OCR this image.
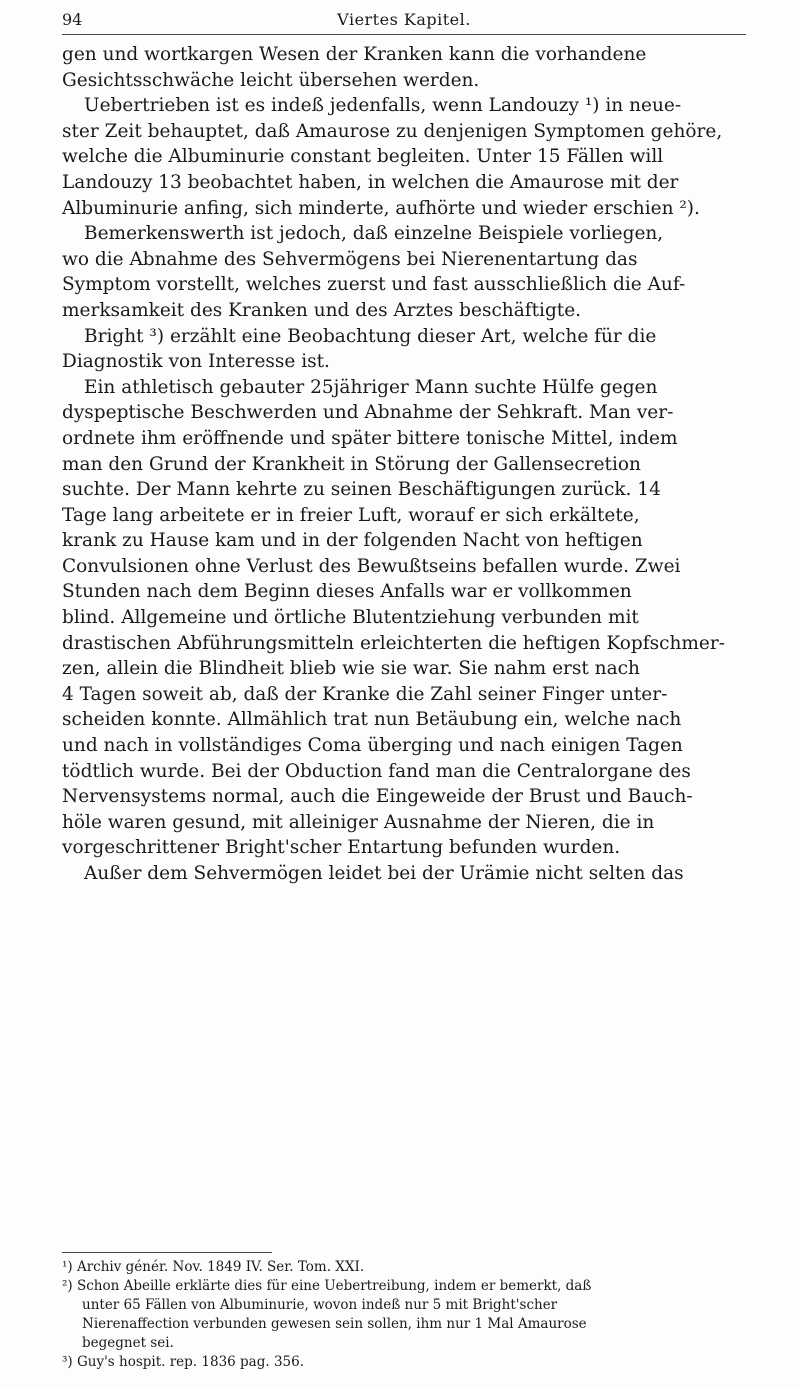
94	Viertes Kapitel.
gen und wortkargen Wesen der Kranken kann die vorhandene
Gesichtsschwäche leicht übersehen werden.
Uebertrieben ist es indeß jedenfalls, wenn Landouzy ¹) in neue-
ster Zeit behauptet, daß Amaurose zu denjenigen Symptomen gehöre,
welche die Albuminurie constant begleiten. Unter 15 Fällen will
Landouzy 13 beobachtet haben, in welchen die Amaurose mit der
Albuminurie anfing, sich minderte, aufhörte und wieder erschien ²).
Bemerkenswerth ist jedoch, daß einzelne Beispiele vorliegen,
wo die Abnahme des Sehvermögens bei Nierenentartung das
Symptom vorstellt, welches zuerst und fast ausschließlich die Auf-
merksamkeit des Kranken und des Arztes beschäftigte.
Bright ³) erzählt eine Beobachtung dieser Art, welche für die
Diagnostik von Interesse ist.
Ein athletisch gebauter 25jähriger Mann suchte Hülfe gegen
dyspeptische Beschwerden und Abnahme der Sehkraft. Man ver-
ordnete ihm eröffnende und später bittere tonische Mittel, indem
man den Grund der Krankheit in Störung der Gallensecretion
suchte. Der Mann kehrte zu seinen Beschäftigungen zurück. 14
Tage lang arbeitete er in freier Luft, worauf er sich erkältete,
krank zu Hause kam und in der folgenden Nacht von heftigen
Convulsionen ohne Verlust des Bewußtseins befallen wurde. Zwei
Stunden nach dem Beginn dieses Anfalls war er vollkommen
blind. Allgemeine und örtliche Blutentziehung verbunden mit
drastischen Abführungsmitteln erleichterten die heftigen Kopfschmer-
zen, allein die Blindheit blieb wie sie war. Sie nahm erst nach
4 Tagen soweit ab, daß der Kranke die Zahl seiner Finger unter-
scheiden konnte. Allmählich trat nun Betäubung ein, welche nach
und nach in vollständiges Coma überging und nach einigen Tagen
tödtlich wurde. Bei der Obduction fand man die Centralorgane des
Nervensystems normal, auch die Eingeweide der Brust und Bauch-
höle waren gesund, mit alleiniger Ausnahme der Nieren, die in
vorgeschrittener Bright'scher Entartung befunden wurden.
Außer dem Sehvermögen leidet bei der Urämie nicht selten das
¹) Archiv génér. Nov. 1849 IV. Ser. Tom. XXI.
²) Schon Abeille erklärte dies für eine Uebertreibung, indem er bemerkt, daß
unter 65 Fällen von Albuminurie, wovon indeß nur 5 mit Bright'scher
Nierenaffection verbunden gewesen sein sollen, ihm nur 1 Mal Amaurose
begegnet sei.
³) Guy's hospit. rep. 1836 pag. 356.
